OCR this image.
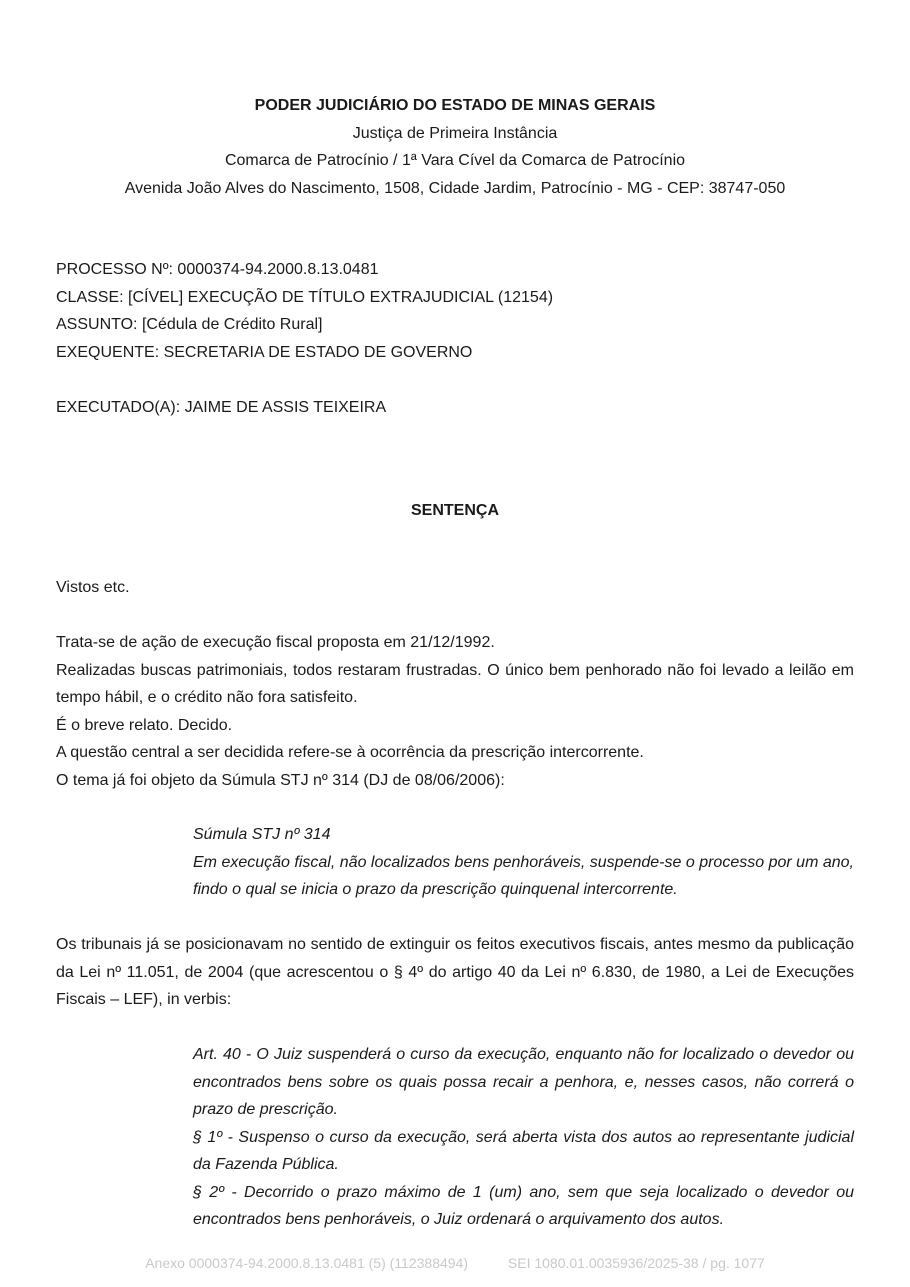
PODER JUDICIÁRIO DO ESTADO DE MINAS GERAIS
Justiça de Primeira Instância
Comarca de Patrocínio / 1ª Vara Cível da Comarca de Patrocínio
Avenida João Alves do Nascimento, 1508, Cidade Jardim, Patrocínio - MG - CEP: 38747-050
PROCESSO Nº: 0000374-94.2000.8.13.0481
CLASSE: [CÍVEL] EXECUÇÃO DE TÍTULO EXTRAJUDICIAL (12154)
ASSUNTO: [Cédula de Crédito Rural]
EXEQUENTE: SECRETARIA DE ESTADO DE GOVERNO
EXECUTADO(A): JAIME DE ASSIS TEIXEIRA
SENTENÇA

Vistos etc.

Trata-se de ação de execução fiscal proposta em 21/12/1992.

Realizadas buscas patrimoniais, todos restaram frustradas. O único bem penhorado não foi levado a leilão em tempo hábil, e o crédito não fora satisfeito.

É o breve relato. Decido.

A questão central a ser decidida refere-se à ocorrência da prescrição intercorrente.

O tema já foi objeto da Súmula STJ nº 314 (DJ de 08/06/2006):

Súmula STJ nº 314

Em execução fiscal, não localizados bens penhoráveis, suspende-se o processo por um ano, findo o qual se inicia o prazo da prescrição quinquenal intercorrente.

Os tribunais já se posicionavam no sentido de extinguir os feitos executivos fiscais, antes mesmo da publicação da Lei nº 11.051, de 2004 (que acrescentou o § 4º do artigo 40 da Lei nº 6.830, de 1980, a Lei de Execuções Fiscais – LEF), in verbis:

Art. 40 - O Juiz suspenderá o curso da execução, enquanto não for localizado o devedor ou encontrados bens sobre os quais possa recair a penhora, e, nesses casos, não correrá o prazo de prescrição.

§ 1º - Suspenso o curso da execução, será aberta vista dos autos ao representante judicial da Fazenda Pública.

§ 2º - Decorrido o prazo máximo de 1 (um) ano, sem que seja localizado o devedor ou encontrados bens penhoráveis, o Juiz ordenará o arquivamento dos autos.

Anexo 0000374-94.2000.8.13.0481 (5) (112388494)	SEI 1080.01.0035936/2025-38 / pg. 1077
